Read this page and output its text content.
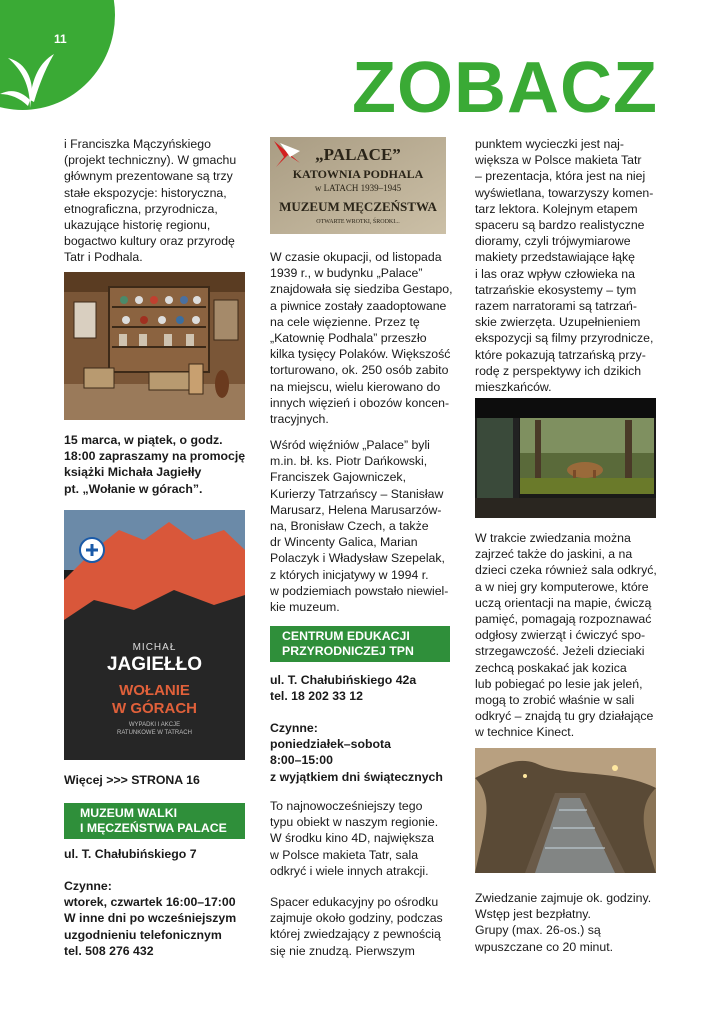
11
ZOBACZ
i Franciszka Mączyńskiego
(projekt techniczny). W gmachu
głównym prezentowane są trzy
stałe ekspozycje: historyczna,
etnograficzna, przyrodnicza,
ukazujące historię regionu,
bogactwo kultury oraz przyrodę
Tatr i Podhala.
15 marca, w piątek, o godz.
18:00 zapraszamy na promocję
książki Michała Jagiełły
pt. „Wołanie w górach”.
MICHAŁ
JAGIEŁŁO
WOŁANIE
W GÓRACH
WYPADKI I AKCJE
RATUNKOWE W TATRACH
Więcej >>> STRONA 16
MUZEUM WALKI
I MĘCZEŃSTWA PALACE
ul. T. Chałubińskiego 7
Czynne:
wtorek, czwartek 16:00–17:00
W inne dni po wcześniejszym
uzgodnieniu telefonicznym
tel. 508 276 432
„PALACE”
KATOWNIA PODHALA
w LATACH 1939–1945
MUZEUM MĘCZEŃSTWA
OTWARTE WROTKI, ŚRODKI...
W czasie okupacji, od listopada
1939 r., w budynku „Palace”
znajdowała się siedziba Gestapo,
a piwnice zostały zaadoptowane
na cele więzienne. Przez tę
„Katownię Podhala” przeszło
kilka tysięcy Polaków. Większość
torturowano, ok. 250 osób zabito
na miejscu, wielu kierowano do
innych więzień i obozów koncen-
tracyjnych.
Wśród więźniów „Palace” byli
m.in. bł. ks. Piotr Dańkowski,
Franciszek Gajowniczek,
Kurierzy Tatrzańscy – Stanisław
Marusarz, Helena Marusarzów-
na, Bronisław Czech, a także
dr Wincenty Galica, Marian
Polaczyk i Władysław Szepelak,
z których inicjatywy w 1994 r.
w podziemiach powstało niewiel-
kie muzeum.
CENTRUM EDUKACJI
PRZYRODNICZEJ TPN
ul. T. Chałubińskiego 42a
tel. 18 202 33 12
Czynne:
poniedziałek–sobota
8:00–15:00
z wyjątkiem dni świątecznych
To najnowocześniejszy tego
typu obiekt w naszym regionie.
W środku kino 4D, największa
w Polsce makieta Tatr, sala
odkryć i wiele innych atrakcji.
Spacer edukacyjny po ośrodku
zajmuje około godziny, podczas
której zwiedzający z pewnością
się nie znudzą. Pierwszym
punktem wycieczki jest naj-
większa w Polsce makieta Tatr
– prezentacja, która jest na niej
wyświetlana, towarzyszy komen-
tarz lektora. Kolejnym etapem
spaceru są bardzo realistyczne
dioramy, czyli trójwymiarowe
makiety przedstawiające łąkę
i las oraz wpływ człowieka na
tatrzańskie ekosystemy – tym
razem narratorami są tatrzań-
skie zwierzęta. Uzupełnieniem
ekspozycji są filmy przyrodnicze,
które pokazują tatrzańską przy-
rodę z perspektywy ich dzikich
mieszkańców.
W trakcie zwiedzania można
zajrzeć także do jaskini, a na
dzieci czeka również sala odkryć,
a w niej gry komputerowe, które
uczą orientacji na mapie, ćwiczą
pamięć, pomagają rozpoznawać
odgłosy zwierząt i ćwiczyć spo-
strzegawczość. Jeżeli dzieciaki
zechcą poskakać jak kozica
lub pobiegać po lesie jak jeleń,
mogą to zrobić właśnie w sali
odkryć – znajdą tu gry działające
w technice Kinect.
Zwiedzanie zajmuje ok. godziny.
Wstęp jest bezpłatny.
Grupy (max. 26-os.) są
wpuszczane co 20 minut.
